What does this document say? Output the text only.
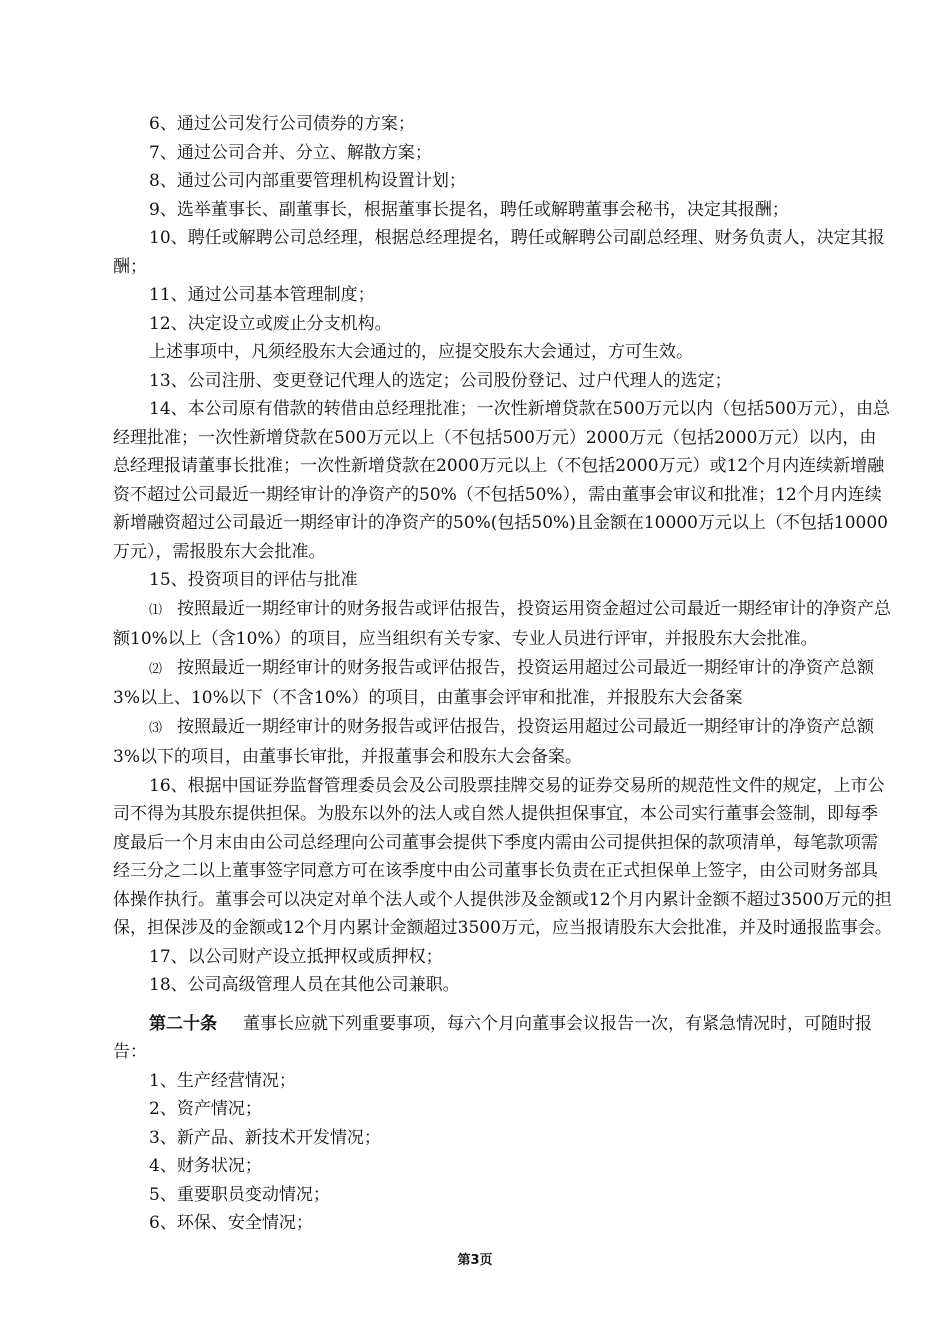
6、通过公司发行公司债券的方案；

7、通过公司合并、分立、解散方案；

8、通过公司内部重要管理机构设置计划；

9、选举董事长、副董事长，根据董事长提名，聘任或解聘董事会秘书，决定其报酬；

10、聘任或解聘公司总经理，根据总经理提名，聘任或解聘公司副总经理、财务负责人，决定其报酬；

11、通过公司基本管理制度；

12、决定设立或废止分支机构。

上述事项中，凡须经股东大会通过的，应提交股东大会通过，方可生效。

13、公司注册、变更登记代理人的选定；公司股份登记、过户代理人的选定；

14、本公司原有借款的转借由总经理批准；一次性新增贷款在500万元以内（包括500万元），由总经理批准；一次性新增贷款在500万元以上（不包括500万元）2000万元（包括2000万元）以内，由总经理报请董事长批准；一次性新增贷款在2000万元以上（不包括2000万元）或12个月内连续新增融资不超过公司最近一期经审计的净资产的50%（不包括50%），需由董事会审议和批准；12个月内连续新增融资超过公司最近一期经审计的净资产的50%(包括50%)且金额在10000万元以上（不包括10000万元），需报股东大会批准。

15、投资项目的评估与批准

⑴ 按照最近一期经审计的财务报告或评估报告，投资运用资金超过公司最近一期经审计的净资产总额10%以上（含10%）的项目，应当组织有关专家、专业人员进行评审，并报股东大会批准。

⑵ 按照最近一期经审计的财务报告或评估报告，投资运用超过公司最近一期经审计的净资产总额3%以上、10%以下（不含10%）的项目，由董事会评审和批准，并报股东大会备案

⑶ 按照最近一期经审计的财务报告或评估报告，投资运用超过公司最近一期经审计的净资产总额3%以下的项目，由董事长审批，并报董事会和股东大会备案。

16、根据中国证券监督管理委员会及公司股票挂牌交易的证券交易所的规范性文件的规定，上市公司不得为其股东提供担保。为股东以外的法人或自然人提供担保事宜，本公司实行董事会签制，即每季度最后一个月末由由公司总经理向公司董事会提供下季度内需由公司提供担保的款项清单，每笔款项需经三分之二以上董事签字同意方可在该季度中由公司董事长负责在正式担保单上签字，由公司财务部具体操作执行。董事会可以决定对单个法人或个人提供涉及金额或12个月内累计金额不超过3500万元的担保，担保涉及的金额或12个月内累计金额超过3500万元，应当报请股东大会批准，并及时通报监事会。

17、以公司财产设立抵押权或质押权；

18、公司高级管理人员在其他公司兼职。

第二十条 董事长应就下列重要事项，每六个月向董事会议报告一次，有紧急情况时，可随时报告：

1、生产经营情况；

2、资产情况；

3、新产品、新技术开发情况；

4、财务状况；

5、重要职员变动情况；

6、环保、安全情况；

第3页
